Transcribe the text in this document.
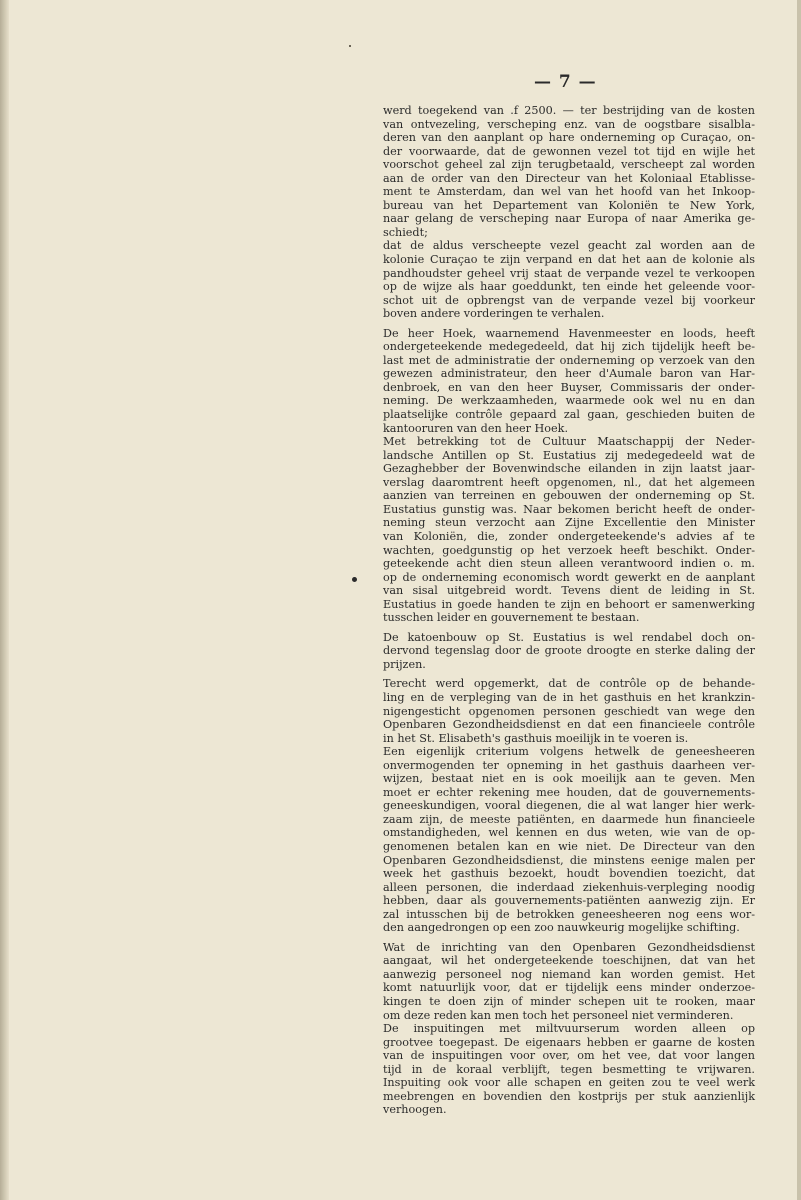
— 7 —
werd toegekend van .f 2500. — ter bestrijding van de kosten
van ontvezeling, verscheping enz. van de oogstbare sisalbla-
deren van den aanplant op hare onderneming op Curaçao, on-
der voorwaarde, dat de gewonnen vezel tot tijd en wijle het
voorschot geheel zal zijn terugbetaald, verscheept zal worden
aan de order van den Directeur van het Koloniaal Etablisse-
ment te Amsterdam, dan wel van het hoofd van het Inkoop-
bureau van het Departement van Koloniën te New York,
naar gelang de verscheping naar Europa of naar Amerika ge-
schiedt;
dat de aldus verscheepte vezel geacht zal worden aan de
kolonie Curaçao te zijn verpand en dat het aan de kolonie als
pandhoudster geheel vrij staat de verpande vezel te verkoopen
op de wijze als haar goeddunkt, ten einde het geleende voor-
schot uit de opbrengst van de verpande vezel bij voorkeur
boven andere vorderingen te verhalen.
De heer Hoek, waarnemend Havenmeester en loods, heeft
ondergeteekende medegedeeld, dat hij zich tijdelijk heeft be-
last met de administratie der onderneming op verzoek van den
gewezen administrateur, den heer d'Aumale baron van Har-
denbroek, en van den heer Buyser, Commissaris der onder-
neming. De werkzaamheden, waarmede ook wel nu en dan
plaatselijke contrôle gepaard zal gaan, geschieden buiten de
kantooruren van den heer Hoek.
Met betrekking tot de Cultuur Maatschappij der Neder-
landsche Antillen op St. Eustatius zij medegedeeld wat de
Gezaghebber der Bovenwindsche eilanden in zijn laatst jaar-
verslag daaromtrent heeft opgenomen, nl., dat het algemeen
aanzien van terreinen en gebouwen der onderneming op St.
Eustatius gunstig was. Naar bekomen bericht heeft de onder-
neming steun verzocht aan Zijne Excellentie den Minister
van Koloniën, die, zonder ondergeteekende's advies af te
wachten, goedgunstig op het verzoek heeft beschikt. Onder-
geteekende acht dien steun alleen verantwoord indien o. m.
op de onderneming economisch wordt gewerkt en de aanplant
van sisal uitgebreid wordt. Tevens dient de leiding in St.
Eustatius in goede handen te zijn en behoort er samenwerking
tusschen leider en gouvernement te bestaan.
De katoenbouw op St. Eustatius is wel rendabel doch on-
dervond tegenslag door de groote droogte en sterke daling der
prijzen.
Terecht werd opgemerkt, dat de contrôle op de behande-
ling en de verpleging van de in het gasthuis en het krankzin-
nigengesticht opgenomen personen geschiedt van wege den
Openbaren Gezondheidsdienst en dat een financieele contrôle
in het St. Elisabeth's gasthuis moeilijk in te voeren is.
Een eigenlijk criterium volgens hetwelk de geneesheeren
onvermogenden ter opneming in het gasthuis daarheen ver-
wijzen, bestaat niet en is ook moeilijk aan te geven. Men
moet er echter rekening mee houden, dat de gouvernements-
geneeskundigen, vooral diegenen, die al wat langer hier werk-
zaam zijn, de meeste patiënten, en daarmede hun financieele
omstandigheden, wel kennen en dus weten, wie van de op-
genomenen betalen kan en wie niet. De Directeur van den
Openbaren Gezondheidsdienst, die minstens eenige malen per
week het gasthuis bezoekt, houdt bovendien toezicht, dat
alleen personen, die inderdaad ziekenhuis-verpleging noodig
hebben, daar als gouvernements-patiënten aanwezig zijn. Er
zal intusschen bij de betrokken geneesheeren nog eens wor-
den aangedrongen op een zoo nauwkeurig mogelijke schifting.
Wat de inrichting van den Openbaren Gezondheidsdienst
aangaat, wil het ondergeteekende toeschijnen, dat van het
aanwezig personeel nog niemand kan worden gemist. Het
komt natuurlijk voor, dat er tijdelijk eens minder onderzoe-
kingen te doen zijn of minder schepen uit te rooken, maar
om deze reden kan men toch het personeel niet verminderen.
De inspuitingen met miltvuurserum worden alleen op
grootvee toegepast. De eigenaars hebben er gaarne de kosten
van de inspuitingen voor over, om het vee, dat voor langen
tijd in de koraal verblijft, tegen besmetting te vrijwaren.
Inspuiting ook voor alle schapen en geiten zou te veel werk
meebrengen en bovendien den kostprijs per stuk aanzienlijk
verhoogen.
